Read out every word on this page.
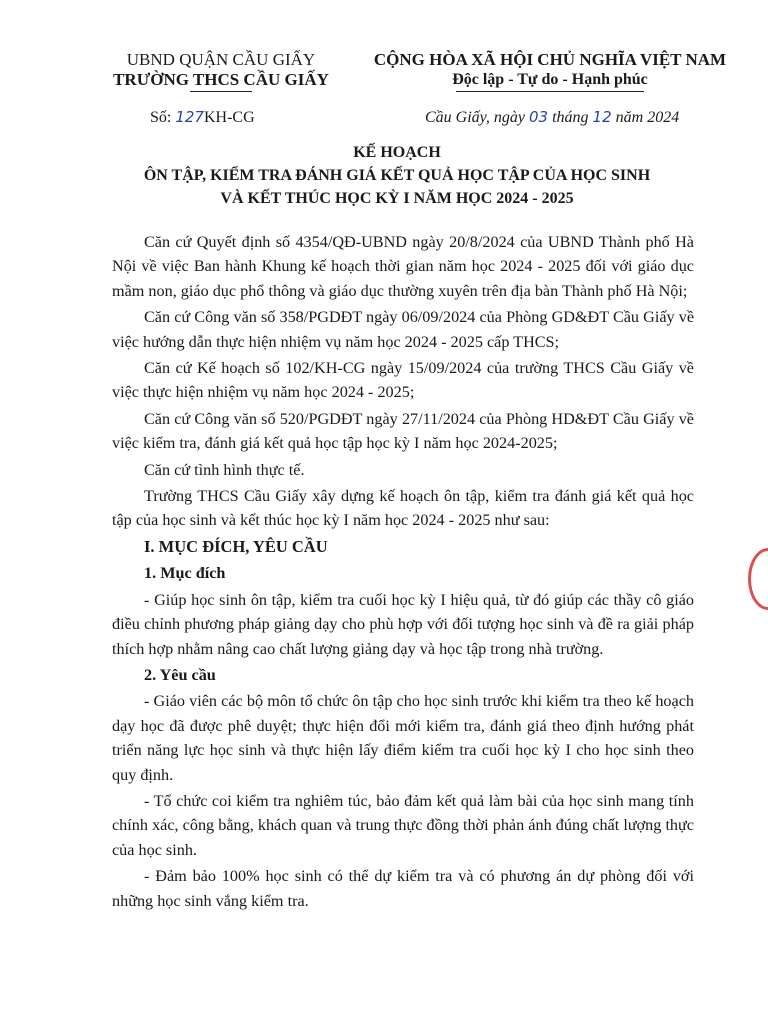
UBND QUẬN CẦU GIẤY
TRƯỜNG THCS CẦU GIẤY
CỘNG HÒA XÃ HỘI CHỦ NGHĨA VIỆT NAM
Độc lập - Tự do - Hạnh phúc
Số: 127KH-CG	Cầu Giấy, ngày 03 tháng 12 năm 2024
KẾ HOẠCH
ÔN TẬP, KIỂM TRA ĐÁNH GIÁ KẾT QUẢ HỌC TẬP CỦA HỌC SINH
VÀ KẾT THÚC HỌC KỲ I NĂM HỌC 2024 - 2025

Căn cứ Quyết định số 4354/QĐ-UBND ngày 20/8/2024 của UBND Thành phố Hà Nội về việc Ban hành Khung kế hoạch thời gian năm học 2024 - 2025 đối với giáo dục mầm non, giáo dục phổ thông và giáo dục thường xuyên trên địa bàn Thành phố Hà Nội;

Căn cứ Công văn số 358/PGDĐT ngày 06/09/2024 của Phòng GD&ĐT Cầu Giấy về việc hướng dẫn thực hiện nhiệm vụ năm học 2024 - 2025 cấp THCS;

Căn cứ Kế hoạch số 102/KH-CG ngày 15/09/2024 của trường THCS Cầu Giấy về việc thực hiện nhiệm vụ năm học 2024 - 2025;

Căn cứ Công văn số 520/PGDĐT ngày 27/11/2024 của Phòng HD&ĐT Cầu Giấy về việc kiểm tra, đánh giá kết quả học tập học kỳ I năm học 2024-2025;

Căn cứ tình hình thực tế.

Trường THCS Cầu Giấy xây dựng kế hoạch ôn tập, kiểm tra đánh giá kết quả học tập của học sinh và kết thúc học kỳ I năm học 2024 - 2025 như sau:

I. MỤC ĐÍCH, YÊU CẦU

1. Mục đích

- Giúp học sinh ôn tập, kiểm tra cuối học kỳ I hiệu quả, từ đó giúp các thầy cô giáo điều chỉnh phương pháp giảng dạy cho phù hợp với đối tượng học sinh và đề ra giải pháp thích hợp nhằm nâng cao chất lượng giảng dạy và học tập trong nhà trường.

2. Yêu cầu

- Giáo viên các bộ môn tổ chức ôn tập cho học sinh trước khi kiểm tra theo kế hoạch dạy học đã được phê duyệt; thực hiện đổi mới kiểm tra, đánh giá theo định hướng phát triển năng lực học sinh và thực hiện lấy điểm kiểm tra cuối học kỳ I cho học sinh theo quy định.

- Tổ chức coi kiểm tra nghiêm túc, bảo đảm kết quả làm bài của học sinh mang tính chính xác, công bằng, khách quan và trung thực đồng thời phản ánh đúng chất lượng thực của học sinh.

- Đảm bảo 100% học sinh có thể dự kiểm tra và có phương án dự phòng đối với những học sinh vắng kiểm tra.
